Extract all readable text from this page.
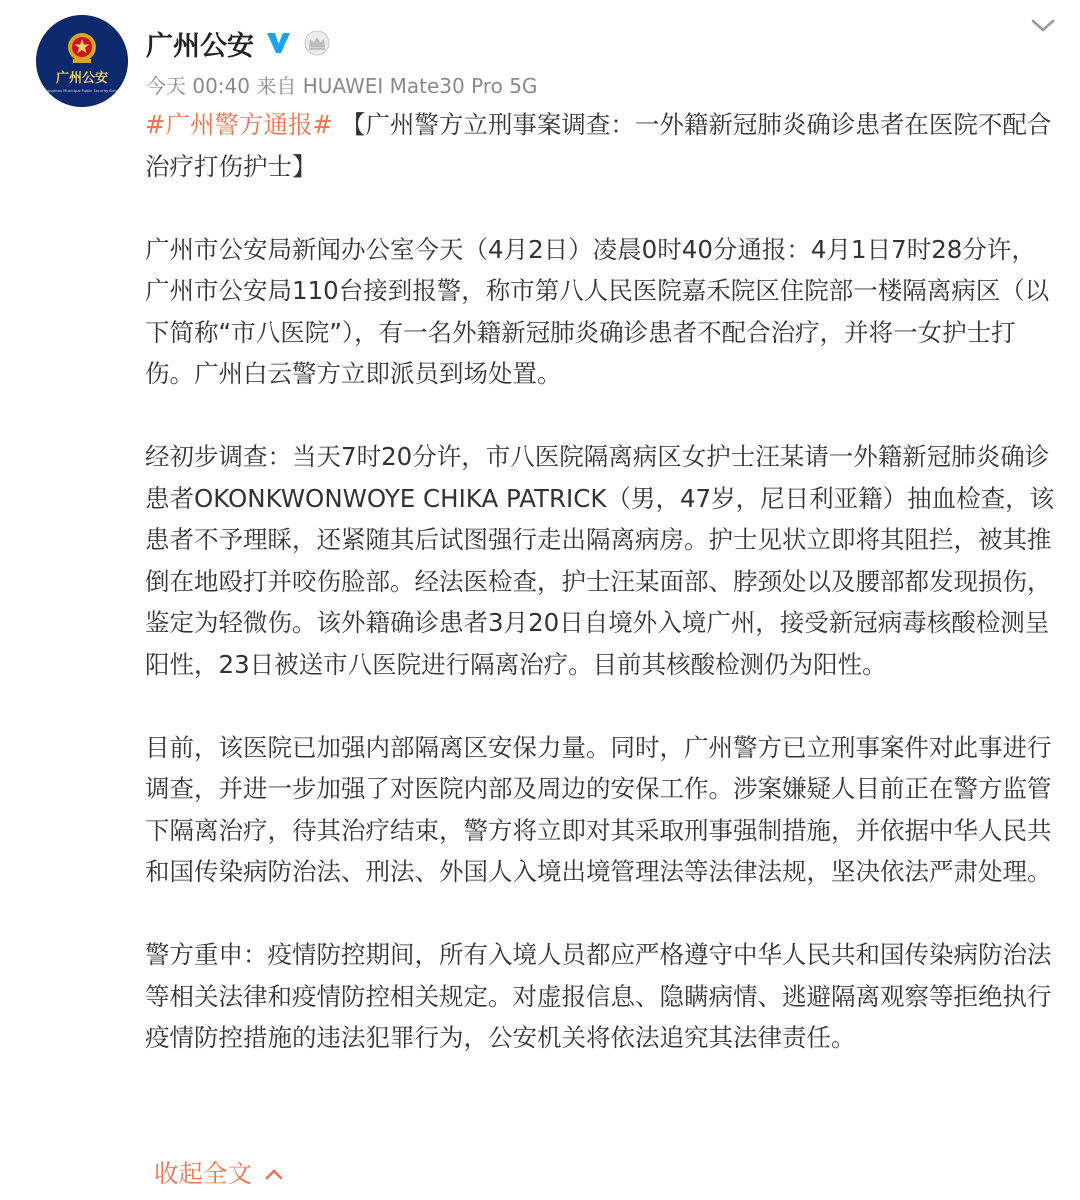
广州公安
Guangzhou Municipal Public Security Bureau
广州公安
今天 00:40 来自 HUAWEI Mate30 Pro 5G

#广州警方通报# 【广州警方立刑事案调查：一外籍新冠肺炎确诊患者在医院不配合治疗打伤护士】

广州市公安局新闻办公室今天（4月2日）凌晨0时40分通报：4月1日7时28分许，广州市公安局110台接到报警，称市第八人民医院嘉禾院区住院部一楼隔离病区（以下简称“市八医院”），有一名外籍新冠肺炎确诊患者不配合治疗，并将一女护士打伤。广州白云警方立即派员到场处置。

经初步调查：当天7时20分许，市八医院隔离病区女护士汪某请一外籍新冠肺炎确诊患者OKONKWONWOYE CHIKA PATRICK（男，47岁，尼日利亚籍）抽血检查，该患者不予理睬，还紧随其后试图强行走出隔离病房。护士见状立即将其阻拦，被其推倒在地殴打并咬伤脸部。经法医检查，护士汪某面部、脖颈处以及腰部都发现损伤，鉴定为轻微伤。该外籍确诊患者3月20日自境外入境广州，接受新冠病毒核酸检测呈阳性，23日被送市八医院进行隔离治疗。目前其核酸检测仍为阳性。

目前，该医院已加强内部隔离区安保力量。同时，广州警方已立刑事案件对此事进行调查，并进一步加强了对医院内部及周边的安保工作。涉案嫌疑人目前正在警方监管下隔离治疗，待其治疗结束，警方将立即对其采取刑事强制措施，并依据中华人民共和国传染病防治法、刑法、外国人入境出境管理法等法律法规，坚决依法严肃处理。

警方重申：疫情防控期间，所有入境人员都应严格遵守中华人民共和国传染病防治法等相关法律和疫情防控相关规定。对虚报信息、隐瞒病情、逃避隔离观察等拒绝执行疫情防控措施的违法犯罪行为，公安机关将依法追究其法律责任。

收起全文
